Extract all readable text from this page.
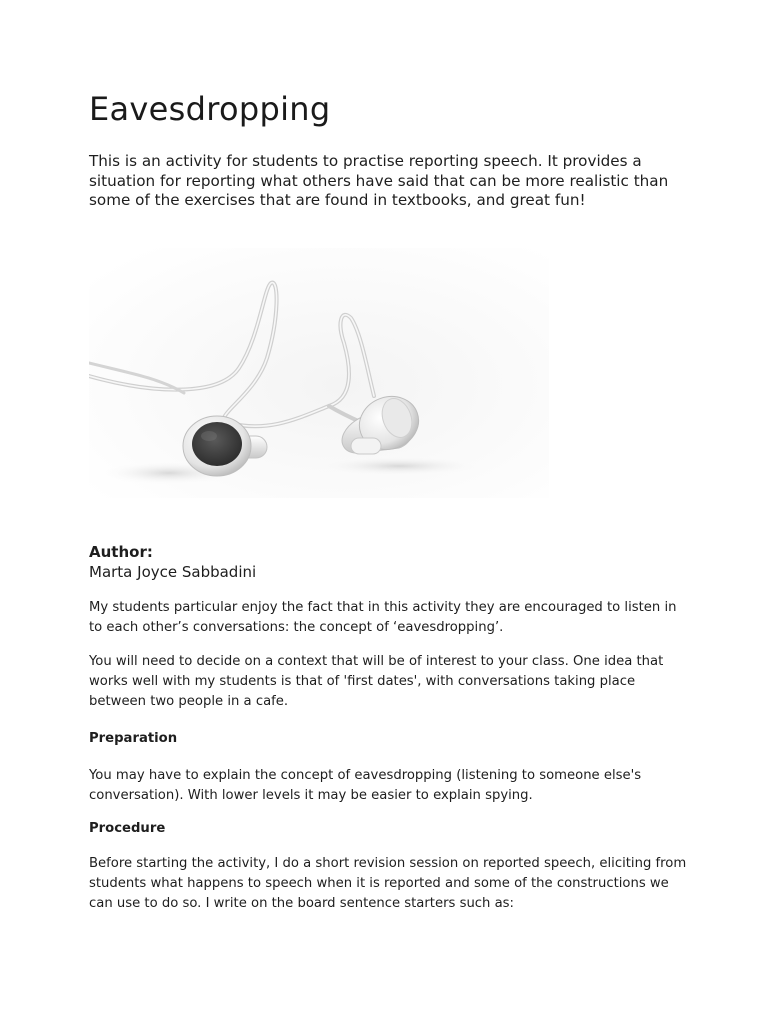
Eavesdropping

This is an activity for students to practise reporting speech. It provides a situation for reporting what others have said that can be more realistic than some of the exercises that are found in textbooks, and great fun!

Author:

Marta Joyce Sabbadini

My students particular enjoy the fact that in this activity they are encouraged to listen in to each other’s conversations: the concept of ‘eavesdropping’.

You will need to decide on a context that will be of interest to your class. One idea that works well with my students is that of 'first dates', with conversations taking place between two people in a cafe.

Preparation

You may have to explain the concept of eavesdropping (listening to someone else's conversation). With lower levels it may be easier to explain spying.

Procedure

Before starting the activity, I do a short revision session on reported speech, eliciting from students what happens to speech when it is reported and some of the constructions we can use to do so. I write on the board sentence starters such as:
